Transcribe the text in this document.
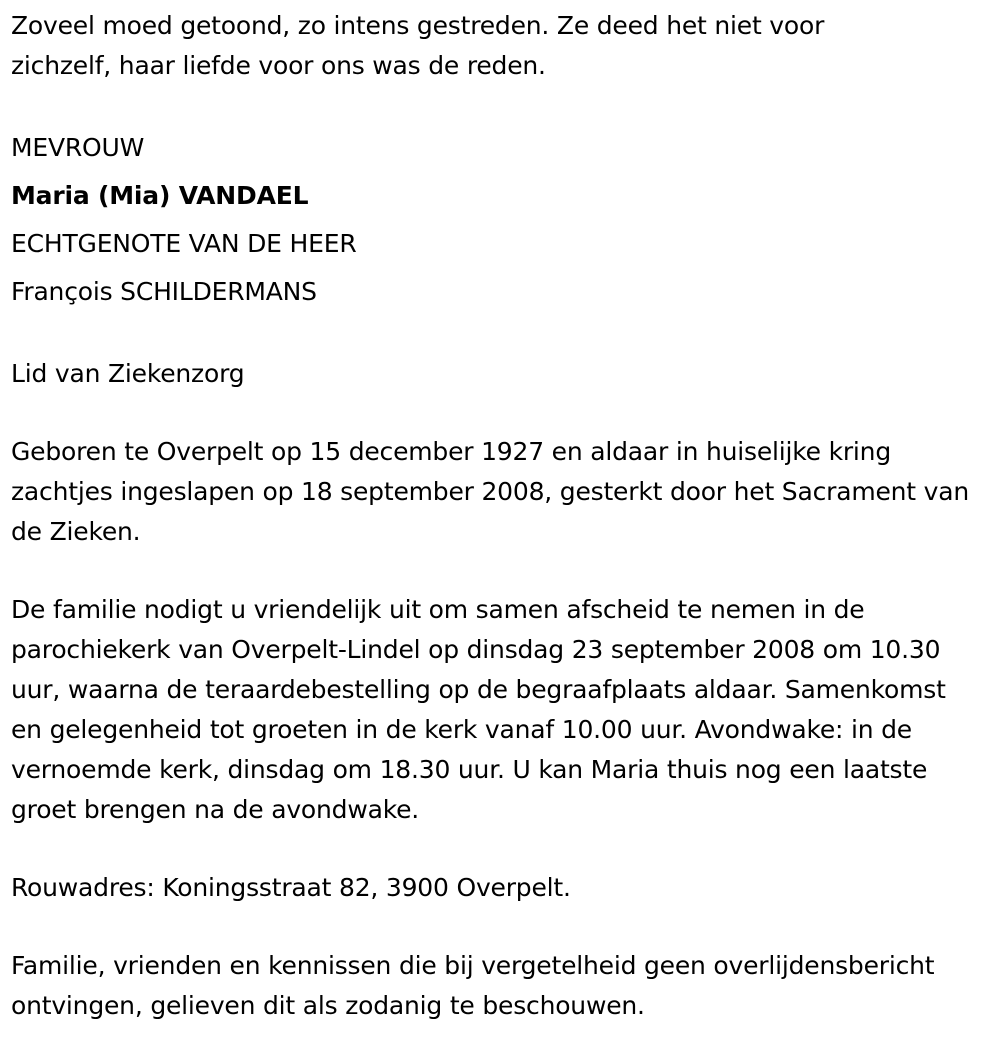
Zoveel moed getoond, zo intens gestreden. Ze deed het niet voor zichzelf, haar liefde voor ons was de reden.

MEVROUW
Maria (Mia) VANDAEL
ECHTGENOTE VAN DE HEER
François SCHILDERMANS

Lid van Ziekenzorg

Geboren te Overpelt op 15 december 1927 en aldaar in huiselijke kring zachtjes ingeslapen op 18 september 2008, gesterkt door het Sacrament van de Zieken.

De familie nodigt u vriendelijk uit om samen afscheid te nemen in de parochiekerk van Overpelt-Lindel op dinsdag 23 september 2008 om 10.30 uur, waarna de teraardebestelling op de begraafplaats aldaar. Samenkomst en gelegenheid tot groeten in de kerk vanaf 10.00 uur. Avondwake: in de vernoemde kerk, dinsdag om 18.30 uur. U kan Maria thuis nog een laatste groet brengen na de avondwake.

Rouwadres: Koningsstraat 82, 3900 Overpelt.

Familie, vrienden en kennissen die bij vergetelheid geen overlijdensbericht ontvingen, gelieven dit als zodanig te beschouwen.
